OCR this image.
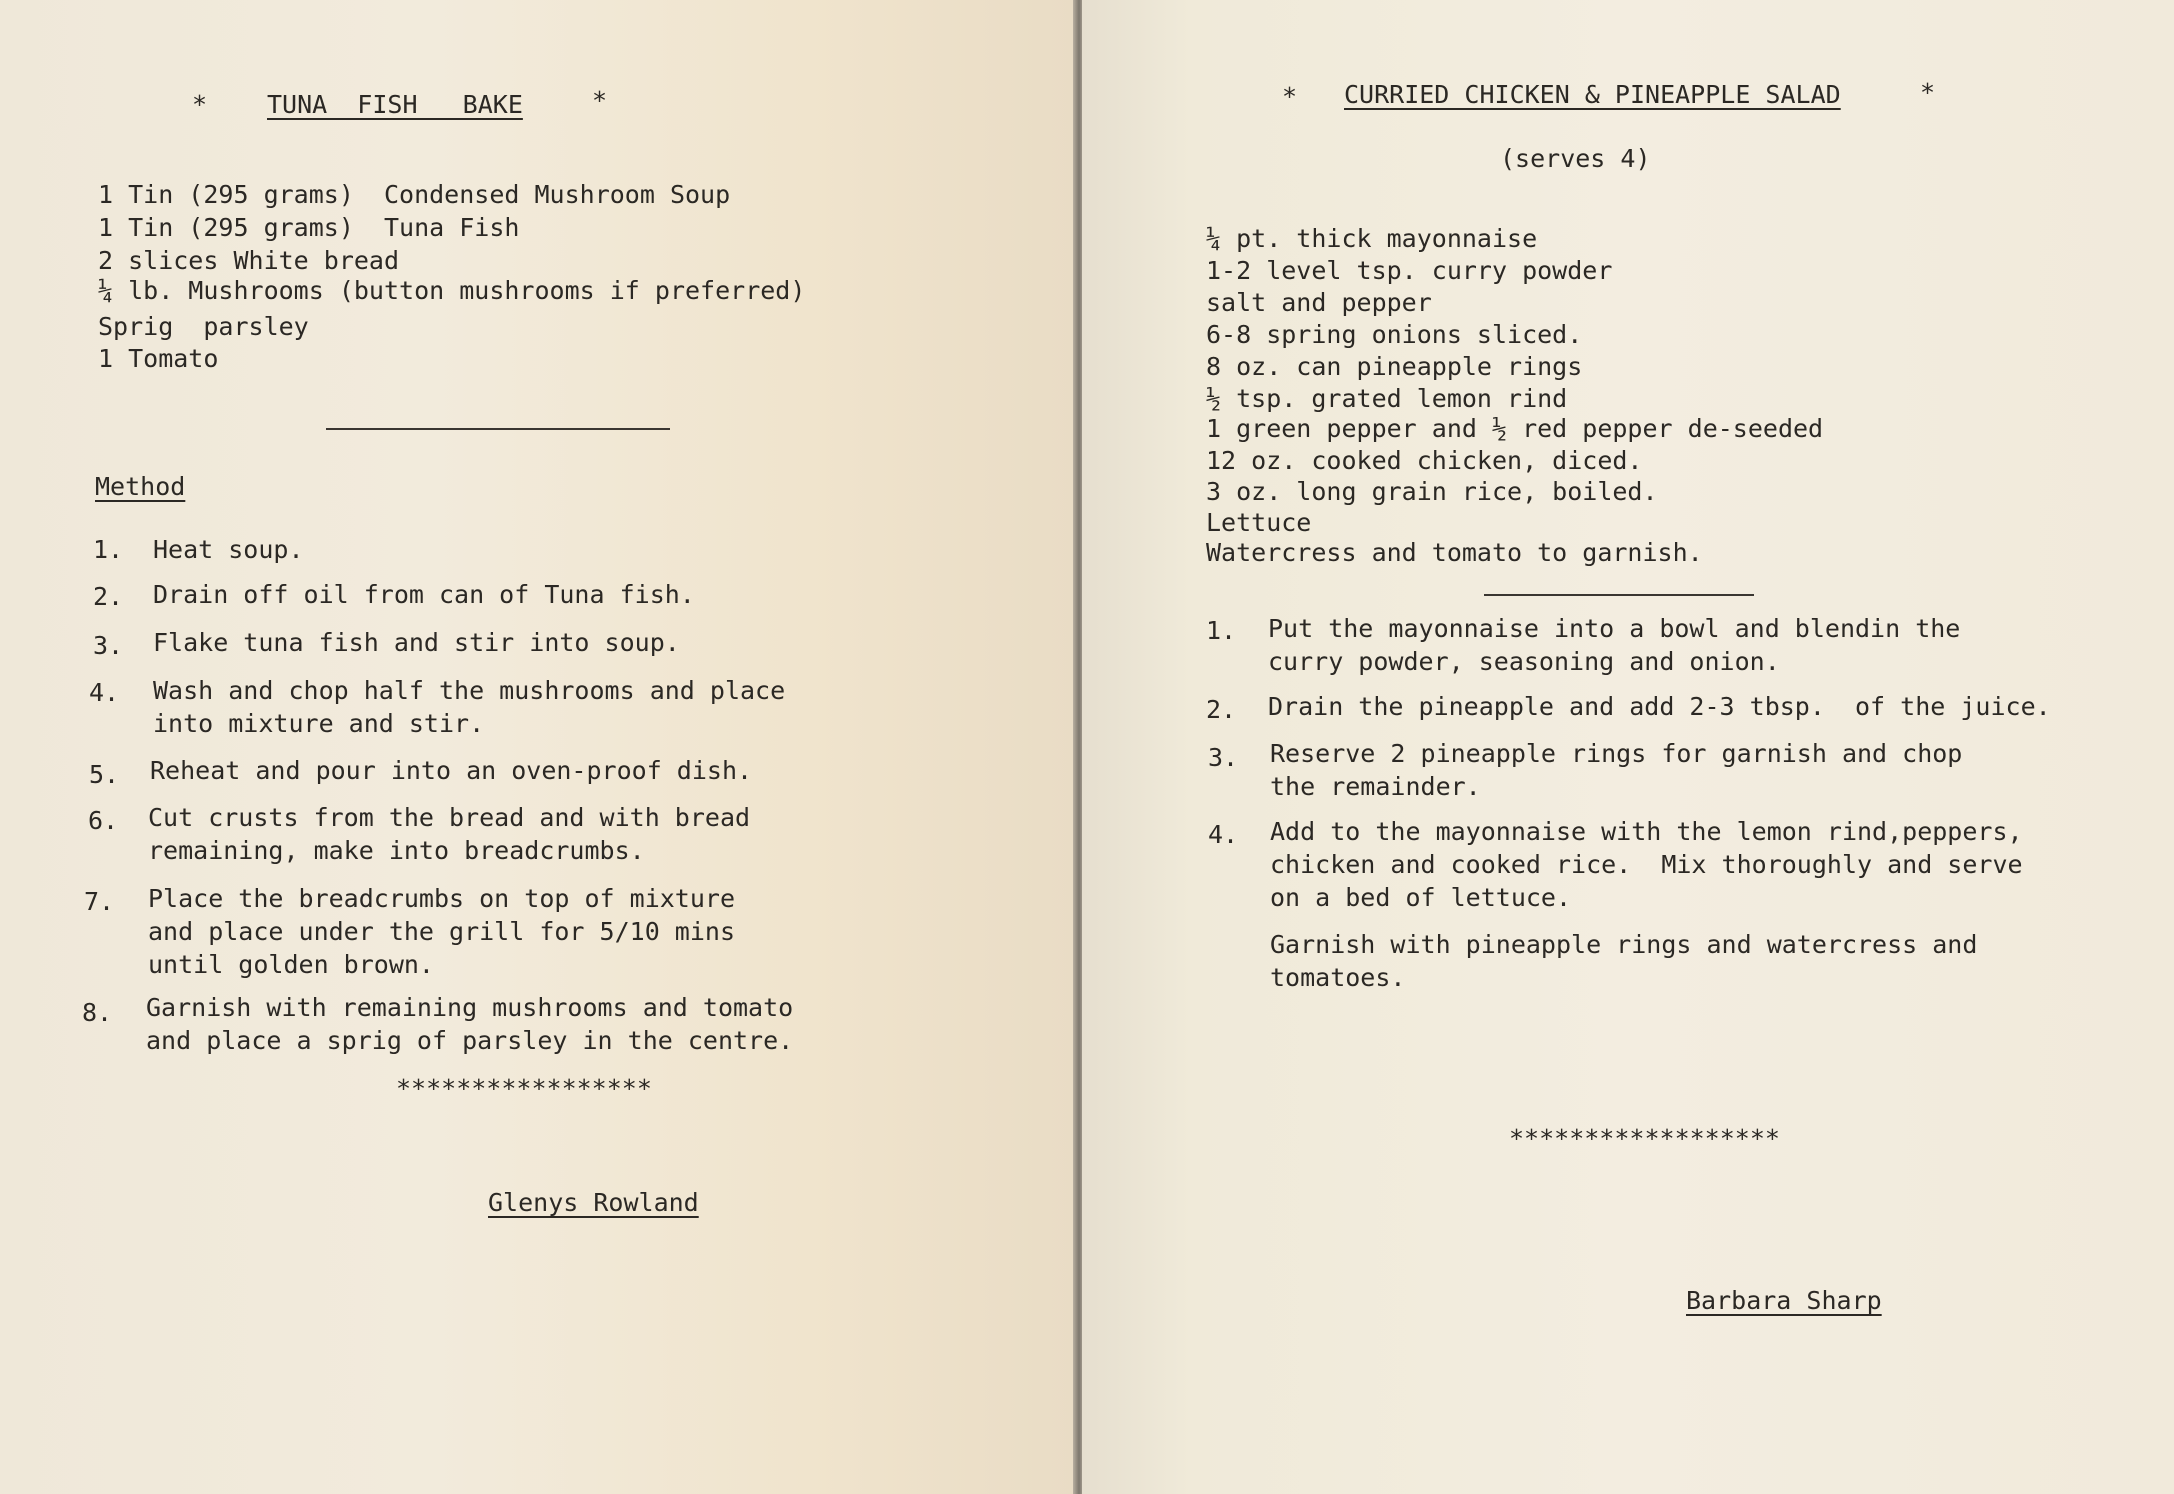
* TUNA  FISH   BAKE	*
1 Tin (295 grams)  Condensed Mushroom Soup
1 Tin (295 grams)  Tuna Fish
2 slices White bread
¼ lb. Mushrooms (button mushrooms if preferred)
Sprig  parsley
1 Tomato
Method
1. Heat soup.
2. Drain off oil from can of Tuna fish.
3. Flake tuna fish and stir into soup.
4. Wash and chop half the mushrooms and place
into mixture and stir.
5. Reheat and pour into an oven-proof dish.
6. Cut crusts from the bread and with bread
remaining, make into breadcrumbs.
7. Place the breadcrumbs on top of mixture
and place under the grill for 5/10 mins
until golden brown.
8. Garnish with remaining mushrooms and tomato
and place a sprig of parsley in the centre.
*****************
Glenys Rowland
* CURRIED CHICKEN & PINEAPPLE SALAD	*
(serves 4)
¼ pt. thick mayonnaise
1-2 level tsp. curry powder
salt and pepper
6-8 spring onions sliced.
8 oz. can pineapple rings
½ tsp. grated lemon rind
1 green pepper and ½ red pepper de-seeded
12 oz. cooked chicken, diced.
3 oz. long grain rice, boiled.
Lettuce
Watercress and tomato to garnish.
1. Put the mayonnaise into a bowl and blendin the
curry powder, seasoning and onion.
2. Drain the pineapple and add 2-3 tbsp.  of the juice.
3. Reserve 2 pineapple rings for garnish and chop
the remainder.
4. Add to the mayonnaise with the lemon rind,peppers,
chicken and cooked rice.  Mix thoroughly and serve
on a bed of lettuce.
Garnish with pineapple rings and watercress and
tomatoes.
******************
Barbara Sharp
